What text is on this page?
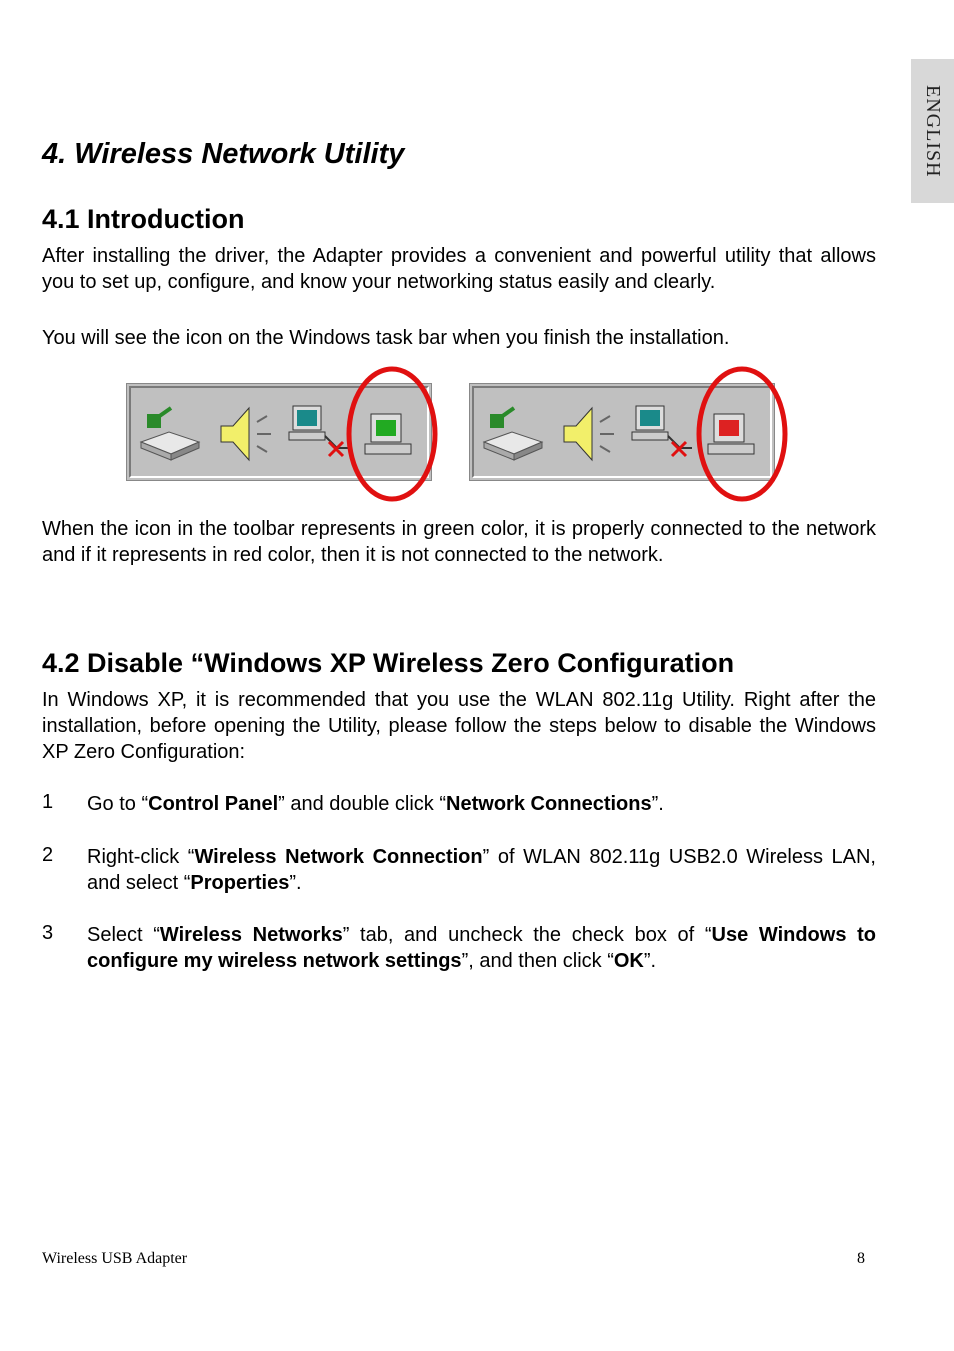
ENGLISH
4. Wireless Network Utility
4.1 Introduction

After installing the driver, the Adapter provides a convenient and powerful utility that allows you to set up, configure, and know your networking status easily and clearly.

You will see the icon on the Windows task bar when you finish the installation.

When the icon in the toolbar represents in green color, it is properly connected to the network and if it represents in red color, then it is not connected to the network.

4.2 Disable “Windows XP Wireless Zero Configuration

In Windows XP, it is recommended that you use the WLAN 802.11g Utility. Right after the installation, before opening the Utility, please follow the steps below to disable the Windows XP Zero Configuration:

1 Go to “Control Panel” and double click “Network Connections”.

2 Right-click “Wireless Network Connection” of WLAN 802.11g USB2.0 Wireless LAN, and select “Properties”.

3 Select “Wireless Networks” tab, and uncheck the check box of “Use Windows to configure my wireless network settings”, and then click “OK”.

Wireless USB Adapter	8
